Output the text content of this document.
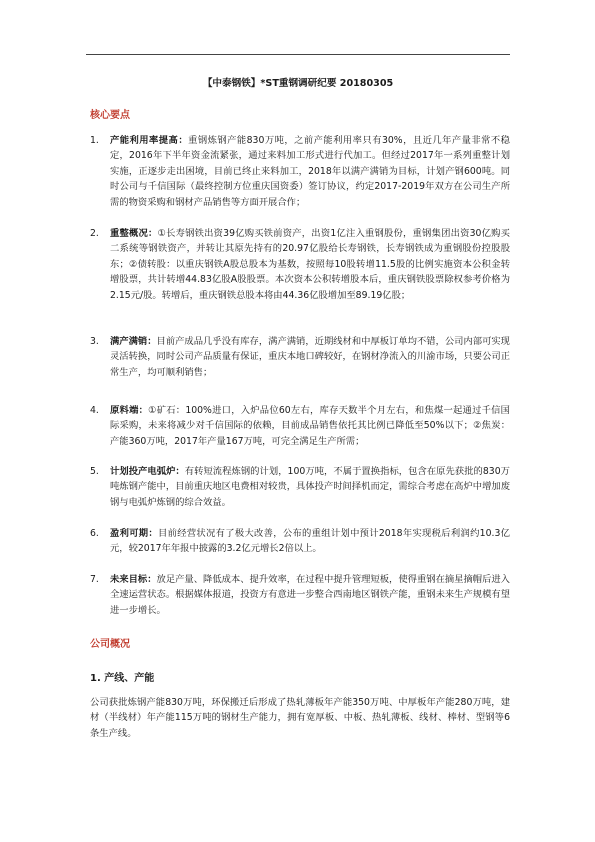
【中泰钢铁】*ST重钢调研纪要 20180305
核心要点
1. 产能利用率提高：重钢炼钢产能830万吨，之前产能利用率只有30%，且近几年产量非常不稳定，2016年下半年资金流紧张，通过来料加工形式进行代加工。但经过2017年一系列重整计划实施，正逐步走出困境，目前已终止来料加工，2018年以满产满销为目标，计划产钢600吨。同时公司与千信国际（最终控制方位重庆国资委）签订协议，约定2017-2019年双方在公司生产所需的物资采购和钢材产品销售等方面开展合作；
2. 重整概况：①长寿钢铁出资39亿购买铁前资产，出资1亿注入重钢股份，重钢集团出资30亿购买二系统等钢铁资产，并转让其原先持有的20.97亿股给长寿钢铁，长寿钢铁成为重钢股份控股股东；②债转股：以重庆钢铁A股总股本为基数，按照每10股转增11.5股的比例实施资本公积金转增股票，共计转增44.83亿股A股股票。本次资本公积转增股本后，重庆钢铁股票除权参考价格为2.15元/股。转增后，重庆钢铁总股本将由44.36亿股增加至89.19亿股；
3. 满产满销：目前产成品几乎没有库存，满产满销，近期线材和中厚板订单均不错，公司内部可实现灵活转换，同时公司产品质量有保证，重庆本地口碑较好，在钢材净流入的川渝市场，只要公司正常生产，均可顺利销售；
4. 原料端：①矿石：100%进口，入炉品位60左右，库存天数半个月左右，和焦煤一起通过千信国际采购，未来将减少对千信国际的依赖，目前成品销售依托其比例已降低至50%以下；②焦炭：产能360万吨，2017年产量167万吨，可完全满足生产所需；
5. 计划投产电弧炉：有转短流程炼钢的计划，100万吨，不属于置换指标，包含在原先获批的830万吨炼钢产能中，目前重庆地区电费相对较贵，具体投产时间择机而定，需综合考虑在高炉中增加废钢与电弧炉炼钢的综合效益。
6. 盈利可期：目前经营状况有了极大改善，公布的重组计划中预计2018年实现税后利润约10.3亿元，较2017年年报中披露的3.2亿元增长2倍以上。
7. 未来目标：放足产量、降低成本、提升效率，在过程中提升管理短板，使得重钢在摘星摘帽后进入全速运营状态。根据媒体报道，投资方有意进一步整合西南地区钢铁产能，重钢未来生产规模有望进一步增长。
公司概况
1. 产线、产能
公司获批炼钢产能830万吨，环保搬迁后形成了热轧薄板年产能350万吨、中厚板年产能280万吨，建材（半线材）年产能115万吨的钢材生产能力，拥有宽厚板、中板、热轧薄板、线材、棒材、型钢等6条生产线。
